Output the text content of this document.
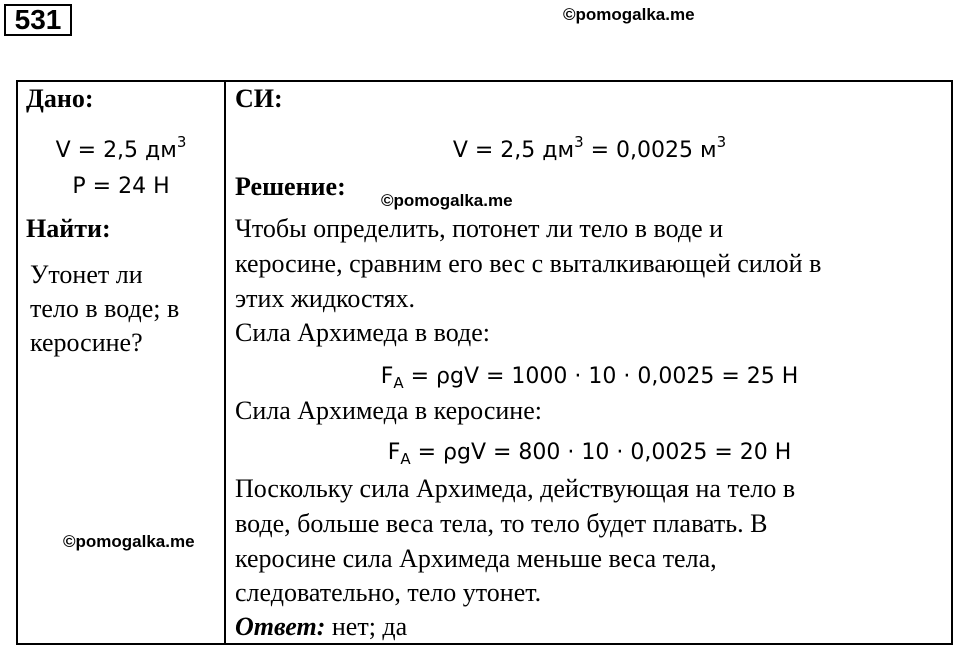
531	©pomogalka.me
Дано:
V = 2,5 $дм^3$
P = 24 Н
Найти:
Утонет ли
тело в воде; в
керосине?
СИ:
V = 2,5 $дм^3 = 0,0025$ $м^3$
Решение:
Чтобы определить, потонет ли тело в воде и
керосине, сравним его вес с выталкивающей силой в
этих жидкостях.
Сила Архимеда в воде:
$F_А = \rho gV = 1000 \cdot 10 \cdot 0,0025 = 25$ Н
Сила Архимеда в керосине:
$F_А = \rho gV = 800 \cdot 10 \cdot 0,0025 = 20$ Н
Поскольку сила Архимеда, действующая на тело в
воде, больше веса тела, то тело будет плавать. В
керосине сила Архимеда меньше веса тела,
следовательно, тело утонет.
Ответ: нет; да
©pomogalka.me
©pomogalka.me
